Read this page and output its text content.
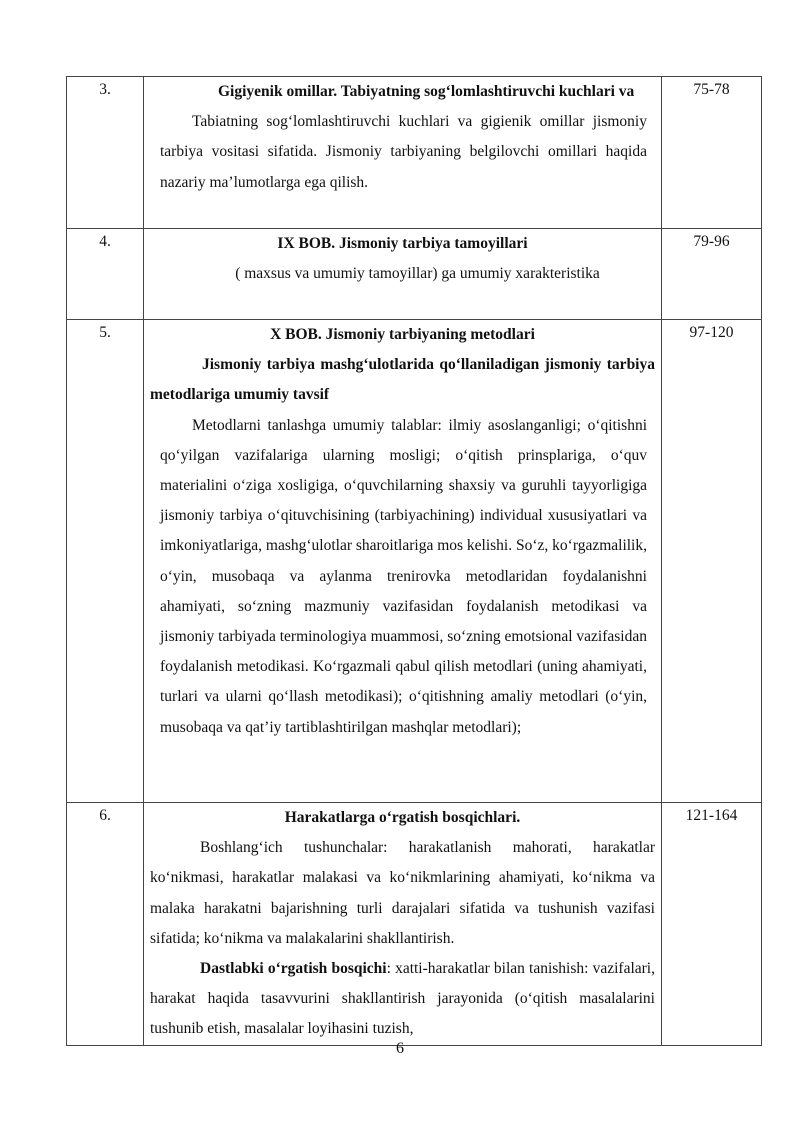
3.	Gigiyenik omillar. Tabiyatning sog‘lomlashtiruvchi kuchlari va

Tabiatning sog‘lomlashtiruvchi kuchlari va gigienik omillar jismoniy tarbiya vositasi sifatida. Jismoniy tarbiyaning belgilovchi omillari haqida nazariy ma’lumotlarga ega qilish.	75-78

4.	IX BOB. Jismoniy tarbiya tamoyillari

( maxsus va umumiy tamoyillar) ga umumiy xarakteristika	79-96

5.	X BOB. Jismoniy tarbiyaning metodlari

Jismoniy tarbiya mashg‘ulotlarida qo‘llaniladigan jismoniy tarbiya metodlariga umumiy tavsif

Metodlarni tanlashga umumiy talablar: ilmiy asoslanganligi; o‘qitishni qo‘yilgan vazifalariga ularning mosligi; o‘qitish prinsplariga, o‘quv materialini o‘ziga xosligiga, o‘quvchilarning shaxsiy va guruhli tayyorligiga jismoniy tarbiya o‘qituvchisining (tarbiyachining) individual xususiyatlari va imkoniyatlariga, mashg‘ulotlar sharoitlariga mos kelishi. So‘z, ko‘rgazmalilik, o‘yin, musobaqa va aylanma trenirovka metodlaridan foydalanishni ahamiyati, so‘zning mazmuniy vazifasidan foydalanish metodikasi va jismoniy tarbiyada terminologiya muammosi, so‘zning emotsional vazifasidan foydalanish metodikasi. Ko‘rgazmali qabul qilish metodlari (uning ahamiyati, turlari va ularni qo‘llash metodikasi); o‘qitishning amaliy metodlari (o‘yin, musobaqa va qat’iy tartiblashtirilgan mashqlar metodlari);	97-120

6.	Harakatlarga o‘rgatish bosqichlari.

Boshlang‘ich tushunchalar: harakatlanish mahorati, harakatlar ko‘nikmasi, harakatlar malakasi va ko‘nikmlarining ahamiyati, ko‘nikma va malaka harakatni bajarishning turli darajalari sifatida va tushunish vazifasi sifatida; ko‘nikma va malakalarini shakllantirish.

Dastlabki o‘rgatish bosqichi: xatti-harakatlar bilan tanishish: vazifalari, harakat haqida tasavvurini shakllantirish jarayonida (o‘qitish masalalarini tushunib etish, masalalar loyihasini tuzish,	121-164
6
